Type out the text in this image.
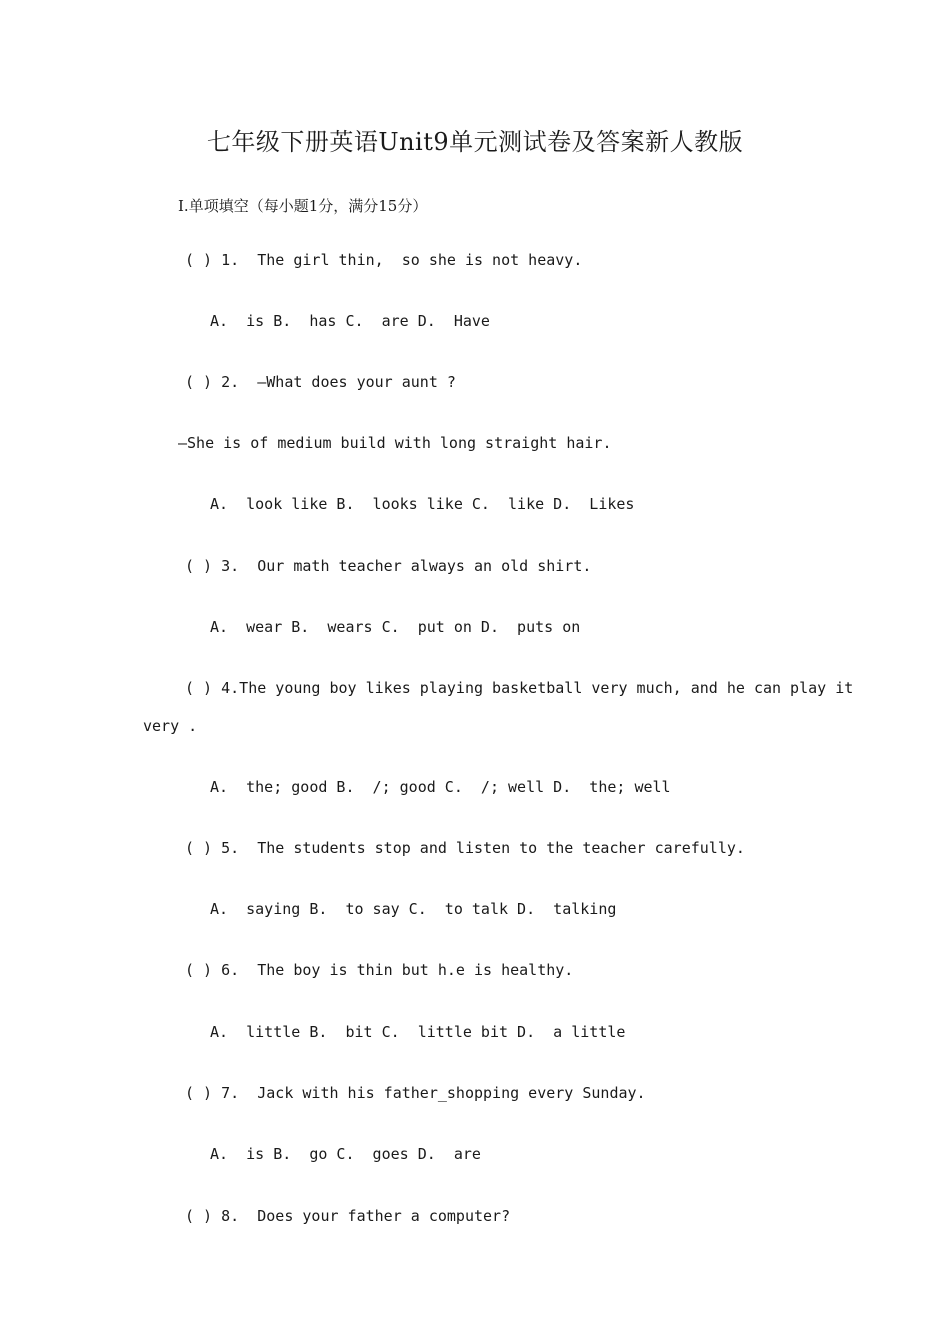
七年级下册英语Unit9单元测试卷及答案新人教版
I.单项填空（每小题1分，满分15分）
( ) 1.  The girl thin,  so she is not heavy.
A.  is B.  has C.  are D.  Have
( ) 2.  —What does your aunt ?
—She is of medium build with long straight hair.
A.  look like B.  looks like C.  like D.  Likes
( ) 3.  Our math teacher always an old shirt.
A.  wear B.  wears C.  put on D.  puts on
( ) 4.The young boy likes playing basketball very much, and he can play it
very .
A.  the; good B.  /; good C.  /; well D.  the; well
( ) 5.  The students stop and listen to the teacher carefully.
A.  saying B.  to say C.  to talk D.  talking
( ) 6.  The boy is thin but h.e is healthy.
A.  little B.  bit C.  little bit D.  a little
( ) 7.  Jack with his father_shopping every Sunday.
A.  is B.  go C.  goes D.  are
( ) 8.  Does your father a computer?
